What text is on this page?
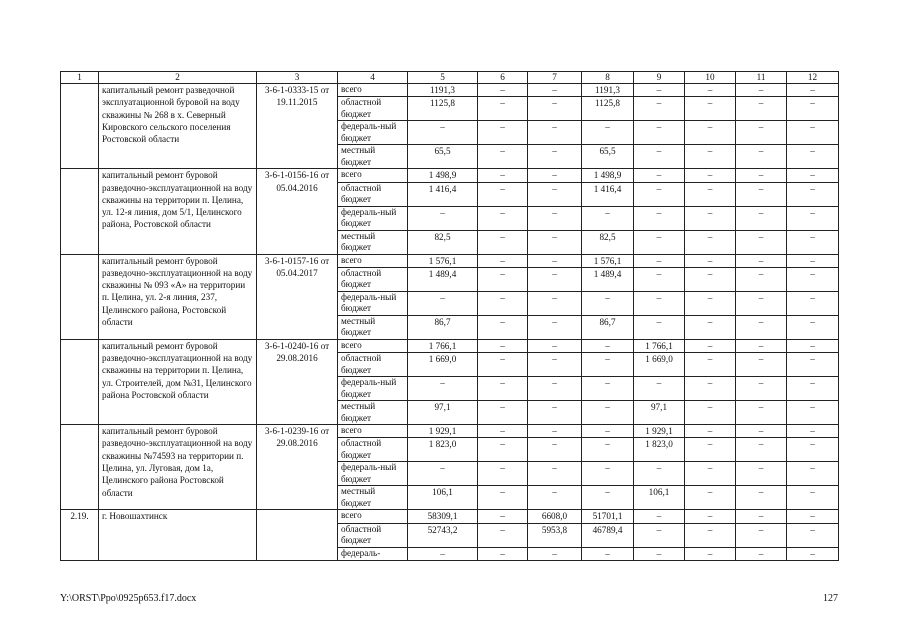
1	2	3	4	5	6	7	8	9	10	11	12
	капитальный ремонт разведочной эксплуатационной буровой на воду скважины № 268 в х. Северный Кировского сельского поселения Ростовской области	3-6-1-0333-15 от 19.11.2015	всего	1191,3	–	–	1191,3	–	–	–	–
			областной бюджет	1125,8	–	–	1125,8	–	–	–	–
			федераль-ный бюджет	–	–	–	–	–	–	–	–
			местный бюджет	65,5	–	–	65,5	–	–	–	–
	капитальный ремонт буровой разведочно-эксплуатационной на воду скважины на территории п. Целина, ул. 12-я линия, дом 5/1, Целинского района, Ростовской области	3-6-1-0156-16 от 05.04.2016	всего	1 498,9	–	–	1 498,9	–	–	–	–
			областной бюджет	1 416,4	–	–	1 416,4	–	–	–	–
			федераль-ный бюджет	–	–	–	–	–	–	–	–
			местный бюджет	82,5	–	–	82,5	–	–	–	–
	капитальный ремонт буровой разведочно-эксплуатационной на воду скважины № 093 «А» на территории п. Целина, ул. 2-я линия, 237, Целинского района, Ростовской области	3-6-1-0157-16 от 05.04.2017	всего	1 576,1	–	–	1 576,1	–	–	–	–
			областной бюджет	1 489,4	–	–	1 489,4	–	–	–	–
			федераль-ный бюджет	–	–	–	–	–	–	–	–
			местный бюджет	86,7	–	–	86,7	–	–	–	–
	капитальный ремонт буровой разведочно-эксплуатационной на воду скважины на территории п. Целина, ул. Строителей, дом №31, Целинского района Ростовской области	3-6-1-0240-16 от 29.08.2016	всего	1 766,1	–	–	–	1 766,1	–	–	–
			областной бюджет	1 669,0	–	–	–	1 669,0	–	–	–
			федераль-ный бюджет	–	–	–	–	–	–	–	–
			местный бюджет	97,1	–	–	–	97,1	–	–	–
	капитальный ремонт буровой разведочно-эксплуатационной на воду скважины №74593 на территории п. Целина, ул. Луговая, дом 1а, Целинского района Ростовской области	3-6-1-0239-16 от 29.08.2016	всего	1 929,1	–	–	–	1 929,1	–	–	–
			областной бюджет	1 823,0	–	–	–	1 823,0	–	–	–
			федераль-ный бюджет	–	–	–	–	–	–	–	–
			местный бюджет	106,1	–	–	–	106,1	–	–	–
2.19.	г. Новошахтинск		всего	58309,1	–	6608,0	51701,1	–	–	–	–
			областной бюджет	52743,2	–	5953,8	46789,4	–	–	–	–
			федераль-	–	–	–	–	–	–	–	–
Y:\ORST\Ppo\0925p653.f17.docx	127
